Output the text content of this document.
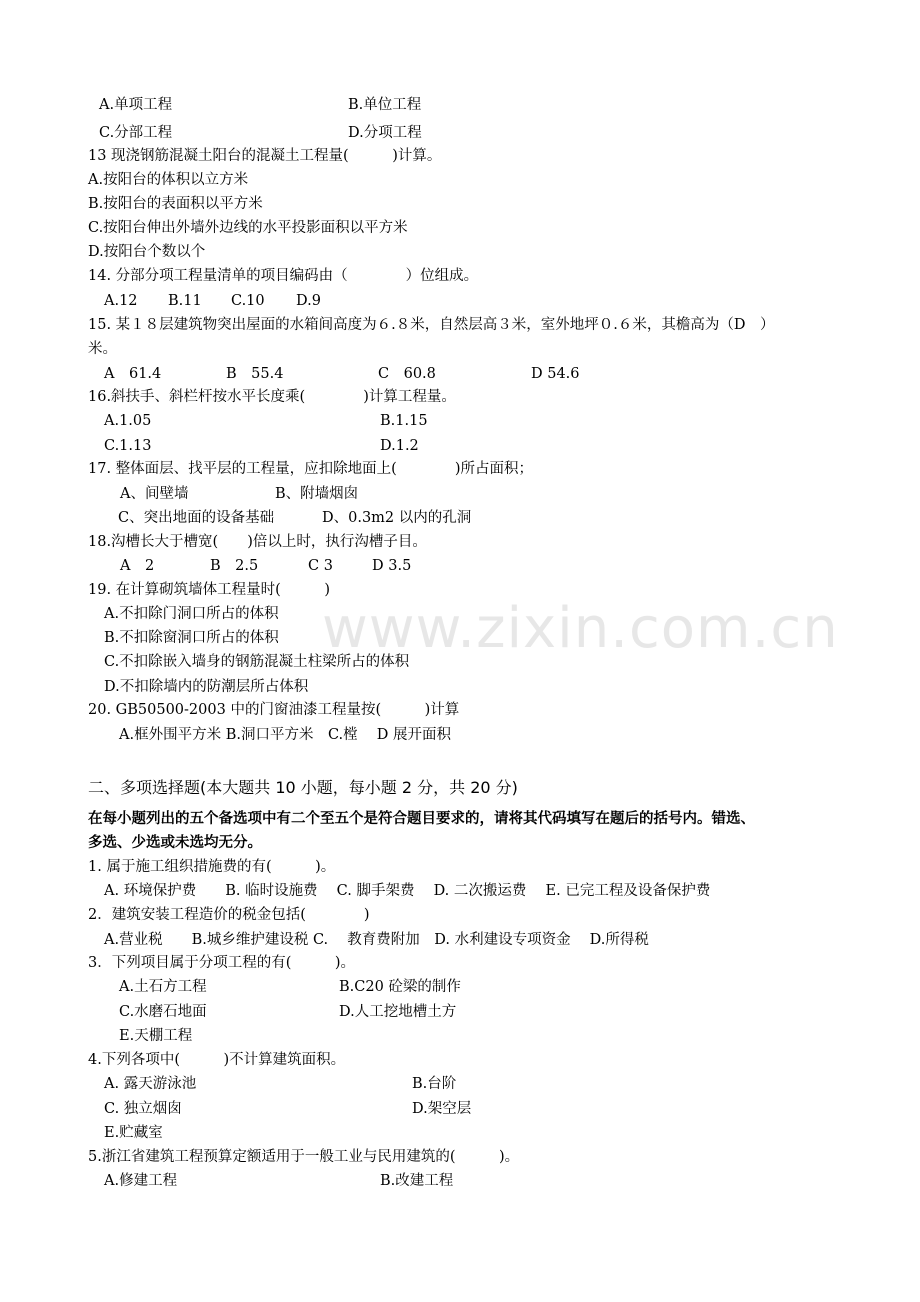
A.单项工程	B.单位工程
C.分部工程	D.分项工程
13 现浇钢筋混凝土阳台的混凝土工程量(　　　)计算。
A.按阳台的体积以立方米
B.按阳台的表面积以平方米
C.按阳台伸出外墙外边线的水平投影面积以平方米
D.按阳台个数以个
14. 分部分项工程量清单的项目编码由（　　　　）位组成。
A.12 B.11 C.10 D.9
15. 某１８层建筑物突出屋面的水箱间高度为６.８米，自然层高３米，室外地坪０.６米，其檐高为（D　）
米。
A　61.4	B　55.4	C　60.8	D 54.6
16.斜扶手、斜栏杆按水平长度乘(　　　　)计算工程量。
A.1.05	B.1.15
C.1.13	D.1.2
17. 整体面层、找平层的工程量，应扣除地面上(　　　　)所占面积；
A、间壁墙	B、附墙烟囱
C、突出地面的设备基础	D、0.3m2 以内的孔洞
18.沟槽长大于槽宽(　　)倍以上时，执行沟槽子目。
A　2	B　2.5	C 3	D 3.5
19. 在计算砌筑墙体工程量时(　　　)
A.不扣除门洞口所占的体积
B.不扣除窗洞口所占的体积
C.不扣除嵌入墙身的钢筋混凝土柱梁所占的体积
D.不扣除墙内的防潮层所占体积
20. GB50500-2003 中的门窗油漆工程量按(　　　)计算
A.框外围平方米 B.洞口平方米　C.樘　 D 展开面积
二、多项选择题(本大题共 10 小题，每小题 2 分，共 20 分)
在每小题列出的五个备选项中有二个至五个是符合题目要求的，请将其代码填写在题后的括号内。错选、
多选、少选或未选均无分。
1. 属于施工组织措施费的有(　　　)。
A. 环境保护费　　B. 临时设施费　 C. 脚手架费　 D. 二次搬运费　 E. 已完工程及设备保护费
2．建筑安装工程造价的税金包括(　　　　)
A.营业税　　B.城乡维护建设税 C.　 教育费附加　D. 水利建设专项资金　 D.所得税
3．下列项目属于分项工程的有(　　　)。
A.土石方工程	B.C20 砼梁的制作
C.水磨石地面	D.人工挖地槽土方
E.天棚工程
4.下列各项中(　　　)不计算建筑面积。
A. 露天游泳池	B.台阶
C. 独立烟囱	D.架空层
E.贮藏室
5.浙江省建筑工程预算定额适用于一般工业与民用建筑的(　　　)。
A.修建工程	B.改建工程
www.zixin.com.cn
